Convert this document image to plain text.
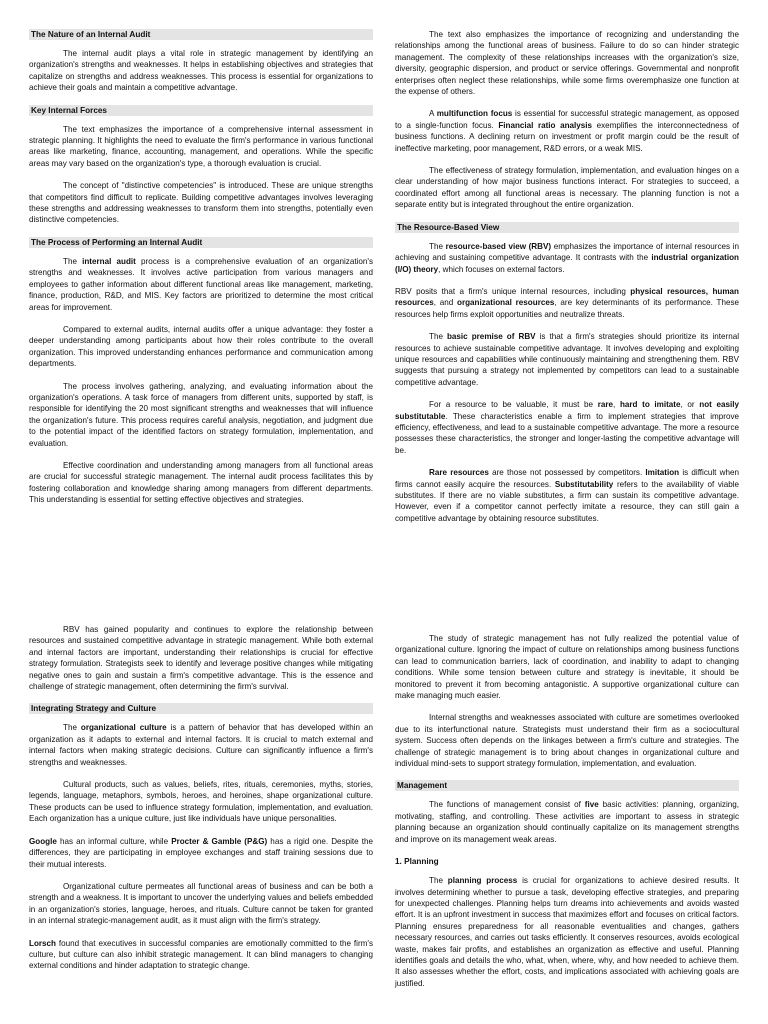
The Nature of an Internal Audit

The internal audit plays a vital role in strategic management by identifying an organization's strengths and weaknesses. It helps in establishing objectives and strategies that capitalize on strengths and address weaknesses. This process is essential for organizations to achieve their goals and maintain a competitive advantage.

Key Internal Forces

The text emphasizes the importance of a comprehensive internal assessment in strategic planning. It highlights the need to evaluate the firm's performance in various functional areas like marketing, finance, accounting, management, and operations. While the specific areas may vary based on the organization's type, a thorough evaluation is crucial.

The concept of "distinctive competencies" is introduced. These are unique strengths that competitors find difficult to replicate. Building competitive advantages involves leveraging these strengths and addressing weaknesses to transform them into strengths, potentially even distinctive competencies.

The Process of Performing an Internal Audit

The internal audit process is a comprehensive evaluation of an organization's strengths and weaknesses. It involves active participation from various managers and employees to gather information about different functional areas like management, marketing, finance, production, R&D, and MIS. Key factors are prioritized to determine the most critical areas for improvement.

Compared to external audits, internal audits offer a unique advantage: they foster a deeper understanding among participants about how their roles contribute to the overall organization. This improved understanding enhances performance and communication among departments.

The process involves gathering, analyzing, and evaluating information about the organization's operations. A task force of managers from different units, supported by staff, is responsible for identifying the 20 most significant strengths and weaknesses that will influence the organization's future. This process requires careful analysis, negotiation, and judgment due to the potential impact of the identified factors on strategy formulation, implementation, and evaluation.

Effective coordination and understanding among managers from all functional areas are crucial for successful strategic management. The internal audit process facilitates this by fostering collaboration and knowledge sharing among managers from different departments. This understanding is essential for setting effective objectives and strategies.

The text also emphasizes the importance of recognizing and understanding the relationships among the functional areas of business. Failure to do so can hinder strategic management. The complexity of these relationships increases with the organization's size, diversity, geographic dispersion, and product or service offerings. Governmental and nonprofit enterprises often neglect these relationships, while some firms overemphasize one function at the expense of others.

A multifunction focus is essential for successful strategic management, as opposed to a single-function focus. Financial ratio analysis exemplifies the interconnectedness of business functions. A declining return on investment or profit margin could be the result of ineffective marketing, poor management, R&D errors, or a weak MIS.

The effectiveness of strategy formulation, implementation, and evaluation hinges on a clear understanding of how major business functions interact. For strategies to succeed, a coordinated effort among all functional areas is necessary. The planning function is not a separate entity but is integrated throughout the entire organization.

The Resource-Based View

The resource-based view (RBV) emphasizes the importance of internal resources in achieving and sustaining competitive advantage. It contrasts with the industrial organization (I/O) theory, which focuses on external factors.

RBV posits that a firm's unique internal resources, including physical resources, human resources, and organizational resources, are key determinants of its performance. These resources help firms exploit opportunities and neutralize threats.

The basic premise of RBV is that a firm's strategies should prioritize its internal resources to achieve sustainable competitive advantage. It involves developing and exploiting unique resources and capabilities while continuously maintaining and strengthening them. RBV suggests that pursuing a strategy not implemented by competitors can lead to a sustainable competitive advantage.

For a resource to be valuable, it must be rare, hard to imitate, or not easily substitutable. These characteristics enable a firm to implement strategies that improve efficiency, effectiveness, and lead to a sustainable competitive advantage. The more a resource possesses these characteristics, the stronger and longer-lasting the competitive advantage will be.

Rare resources are those not possessed by competitors. Imitation is difficult when firms cannot easily acquire the resources. Substitutability refers to the availability of viable substitutes. If there are no viable substitutes, a firm can sustain its competitive advantage. However, even if a competitor cannot perfectly imitate a resource, they can still gain a competitive advantage by obtaining resource substitutes.

RBV has gained popularity and continues to explore the relationship between resources and sustained competitive advantage in strategic management. While both external and internal factors are important, understanding their relationships is crucial for effective strategy formulation. Strategists seek to identify and leverage positive changes while mitigating negative ones to gain and sustain a firm's competitive advantage. This is the essence and challenge of strategic management, often determining the firm's survival.

Integrating Strategy and Culture

The organizational culture is a pattern of behavior that has developed within an organization as it adapts to external and internal factors. It is crucial to match external and internal factors when making strategic decisions. Culture can significantly influence a firm's strengths and weaknesses.

Cultural products, such as values, beliefs, rites, rituals, ceremonies, myths, stories, legends, language, metaphors, symbols, heroes, and heroines, shape organizational culture. These products can be used to influence strategy formulation, implementation, and evaluation. Each organization has a unique culture, just like individuals have unique personalities.

Google has an informal culture, while Procter & Gamble (P&G) has a rigid one. Despite the differences, they are participating in employee exchanges and staff training sessions due to their mutual interests.

Organizational culture permeates all functional areas of business and can be both a strength and a weakness. It is important to uncover the underlying values and beliefs embedded in an organization's stories, language, heroes, and rituals. Culture cannot be taken for granted in an internal strategic-management audit, as it must align with the firm's strategy.

Lorsch found that executives in successful companies are emotionally committed to the firm's culture, but culture can also inhibit strategic management. It can blind managers to changing external conditions and hinder adaptation to strategic change.

The study of strategic management has not fully realized the potential value of organizational culture. Ignoring the impact of culture on relationships among business functions can lead to communication barriers, lack of coordination, and inability to adapt to changing conditions. While some tension between culture and strategy is inevitable, it should be monitored to prevent it from becoming antagonistic. A supportive organizational culture can make managing much easier.

Internal strengths and weaknesses associated with culture are sometimes overlooked due to its interfunctional nature. Strategists must understand their firm as a sociocultural system. Success often depends on the linkages between a firm's culture and strategies. The challenge of strategic management is to bring about changes in organizational culture and individual mind-sets to support strategy formulation, implementation, and evaluation.

Management

The functions of management consist of five basic activities: planning, organizing, motivating, staffing, and controlling. These activities are important to assess in strategic planning because an organization should continually capitalize on its management strengths and improve on its management weak areas.

1. Planning

The planning process is crucial for organizations to achieve desired results. It involves determining whether to pursue a task, developing effective strategies, and preparing for unexpected challenges. Planning helps turn dreams into achievements and avoids wasted effort. It is an upfront investment in success that maximizes effort and focuses on critical factors. Planning ensures preparedness for all reasonable eventualities and changes, gathers necessary resources, and carries out tasks efficiently. It conserves resources, avoids ecological waste, makes fair profits, and establishes an organization as effective and useful. Planning identifies goals and details the who, what, when, where, why, and how needed to achieve them. It also assesses whether the effort, costs, and implications associated with achieving goals are justified.
